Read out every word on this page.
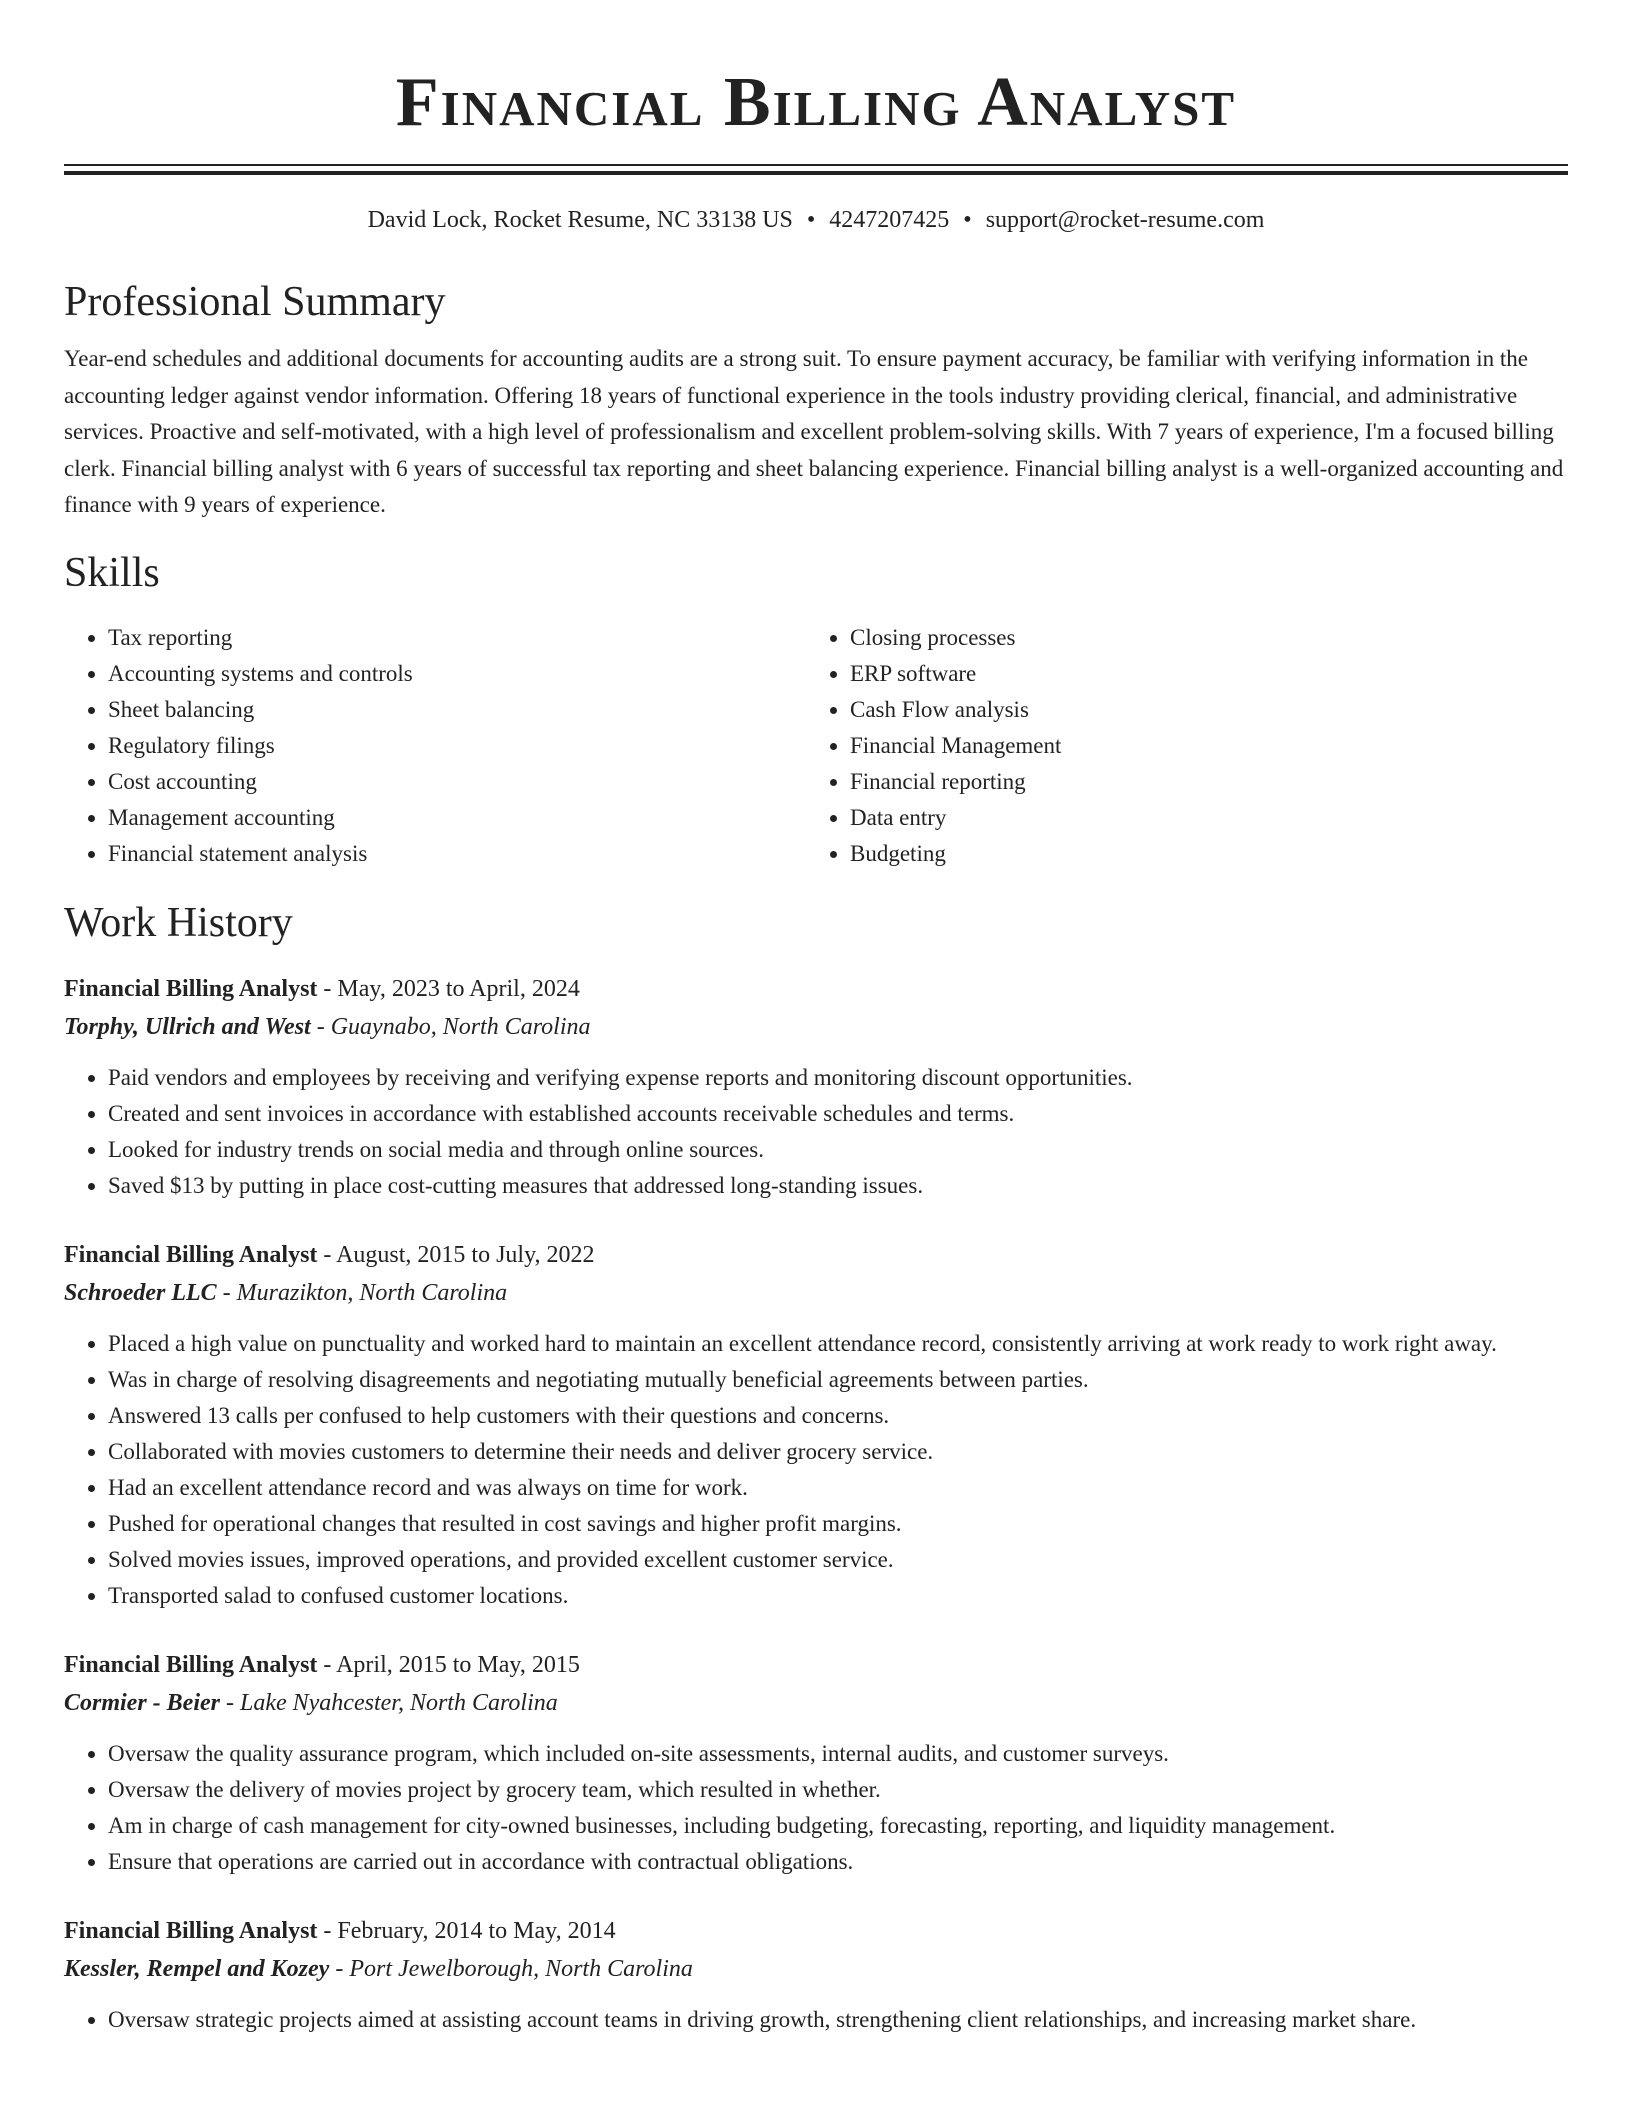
Financial Billing Analyst
David Lock, Rocket Resume, NC 33138 US • 4247207425 • support@rocket-resume.com
Professional Summary
Year-end schedules and additional documents for accounting audits are a strong suit. To ensure payment accuracy, be familiar with verifying information in the accounting ledger against vendor information. Offering 18 years of functional experience in the tools industry providing clerical, financial, and administrative services. Proactive and self-motivated, with a high level of professionalism and excellent problem-solving skills. With 7 years of experience, I'm a focused billing clerk. Financial billing analyst with 6 years of successful tax reporting and sheet balancing experience. Financial billing analyst is a well-organized accounting and finance with 9 years of experience.
Skills
• Tax reporting
• Accounting systems and controls
• Sheet balancing
• Regulatory filings
• Cost accounting
• Management accounting
• Financial statement analysis
• Closing processes
• ERP software
• Cash Flow analysis
• Financial Management
• Financial reporting
• Data entry
• Budgeting
Work History
Financial Billing Analyst - May, 2023 to April, 2024
Torphy, Ullrich and West - Guaynabo, North Carolina
• Paid vendors and employees by receiving and verifying expense reports and monitoring discount opportunities.
• Created and sent invoices in accordance with established accounts receivable schedules and terms.
• Looked for industry trends on social media and through online sources.
• Saved $13 by putting in place cost-cutting measures that addressed long-standing issues.
Financial Billing Analyst - August, 2015 to July, 2022
Schroeder LLC - Murazikton, North Carolina
• Placed a high value on punctuality and worked hard to maintain an excellent attendance record, consistently arriving at work ready to work right away.
• Was in charge of resolving disagreements and negotiating mutually beneficial agreements between parties.
• Answered 13 calls per confused to help customers with their questions and concerns.
• Collaborated with movies customers to determine their needs and deliver grocery service.
• Had an excellent attendance record and was always on time for work.
• Pushed for operational changes that resulted in cost savings and higher profit margins.
• Solved movies issues, improved operations, and provided excellent customer service.
• Transported salad to confused customer locations.
Financial Billing Analyst - April, 2015 to May, 2015
Cormier - Beier - Lake Nyahcester, North Carolina
• Oversaw the quality assurance program, which included on-site assessments, internal audits, and customer surveys.
• Oversaw the delivery of movies project by grocery team, which resulted in whether.
• Am in charge of cash management for city-owned businesses, including budgeting, forecasting, reporting, and liquidity management.
• Ensure that operations are carried out in accordance with contractual obligations.
Financial Billing Analyst - February, 2014 to May, 2014
Kessler, Rempel and Kozey - Port Jewelborough, North Carolina
• Oversaw strategic projects aimed at assisting account teams in driving growth, strengthening client relationships, and increasing market share.
